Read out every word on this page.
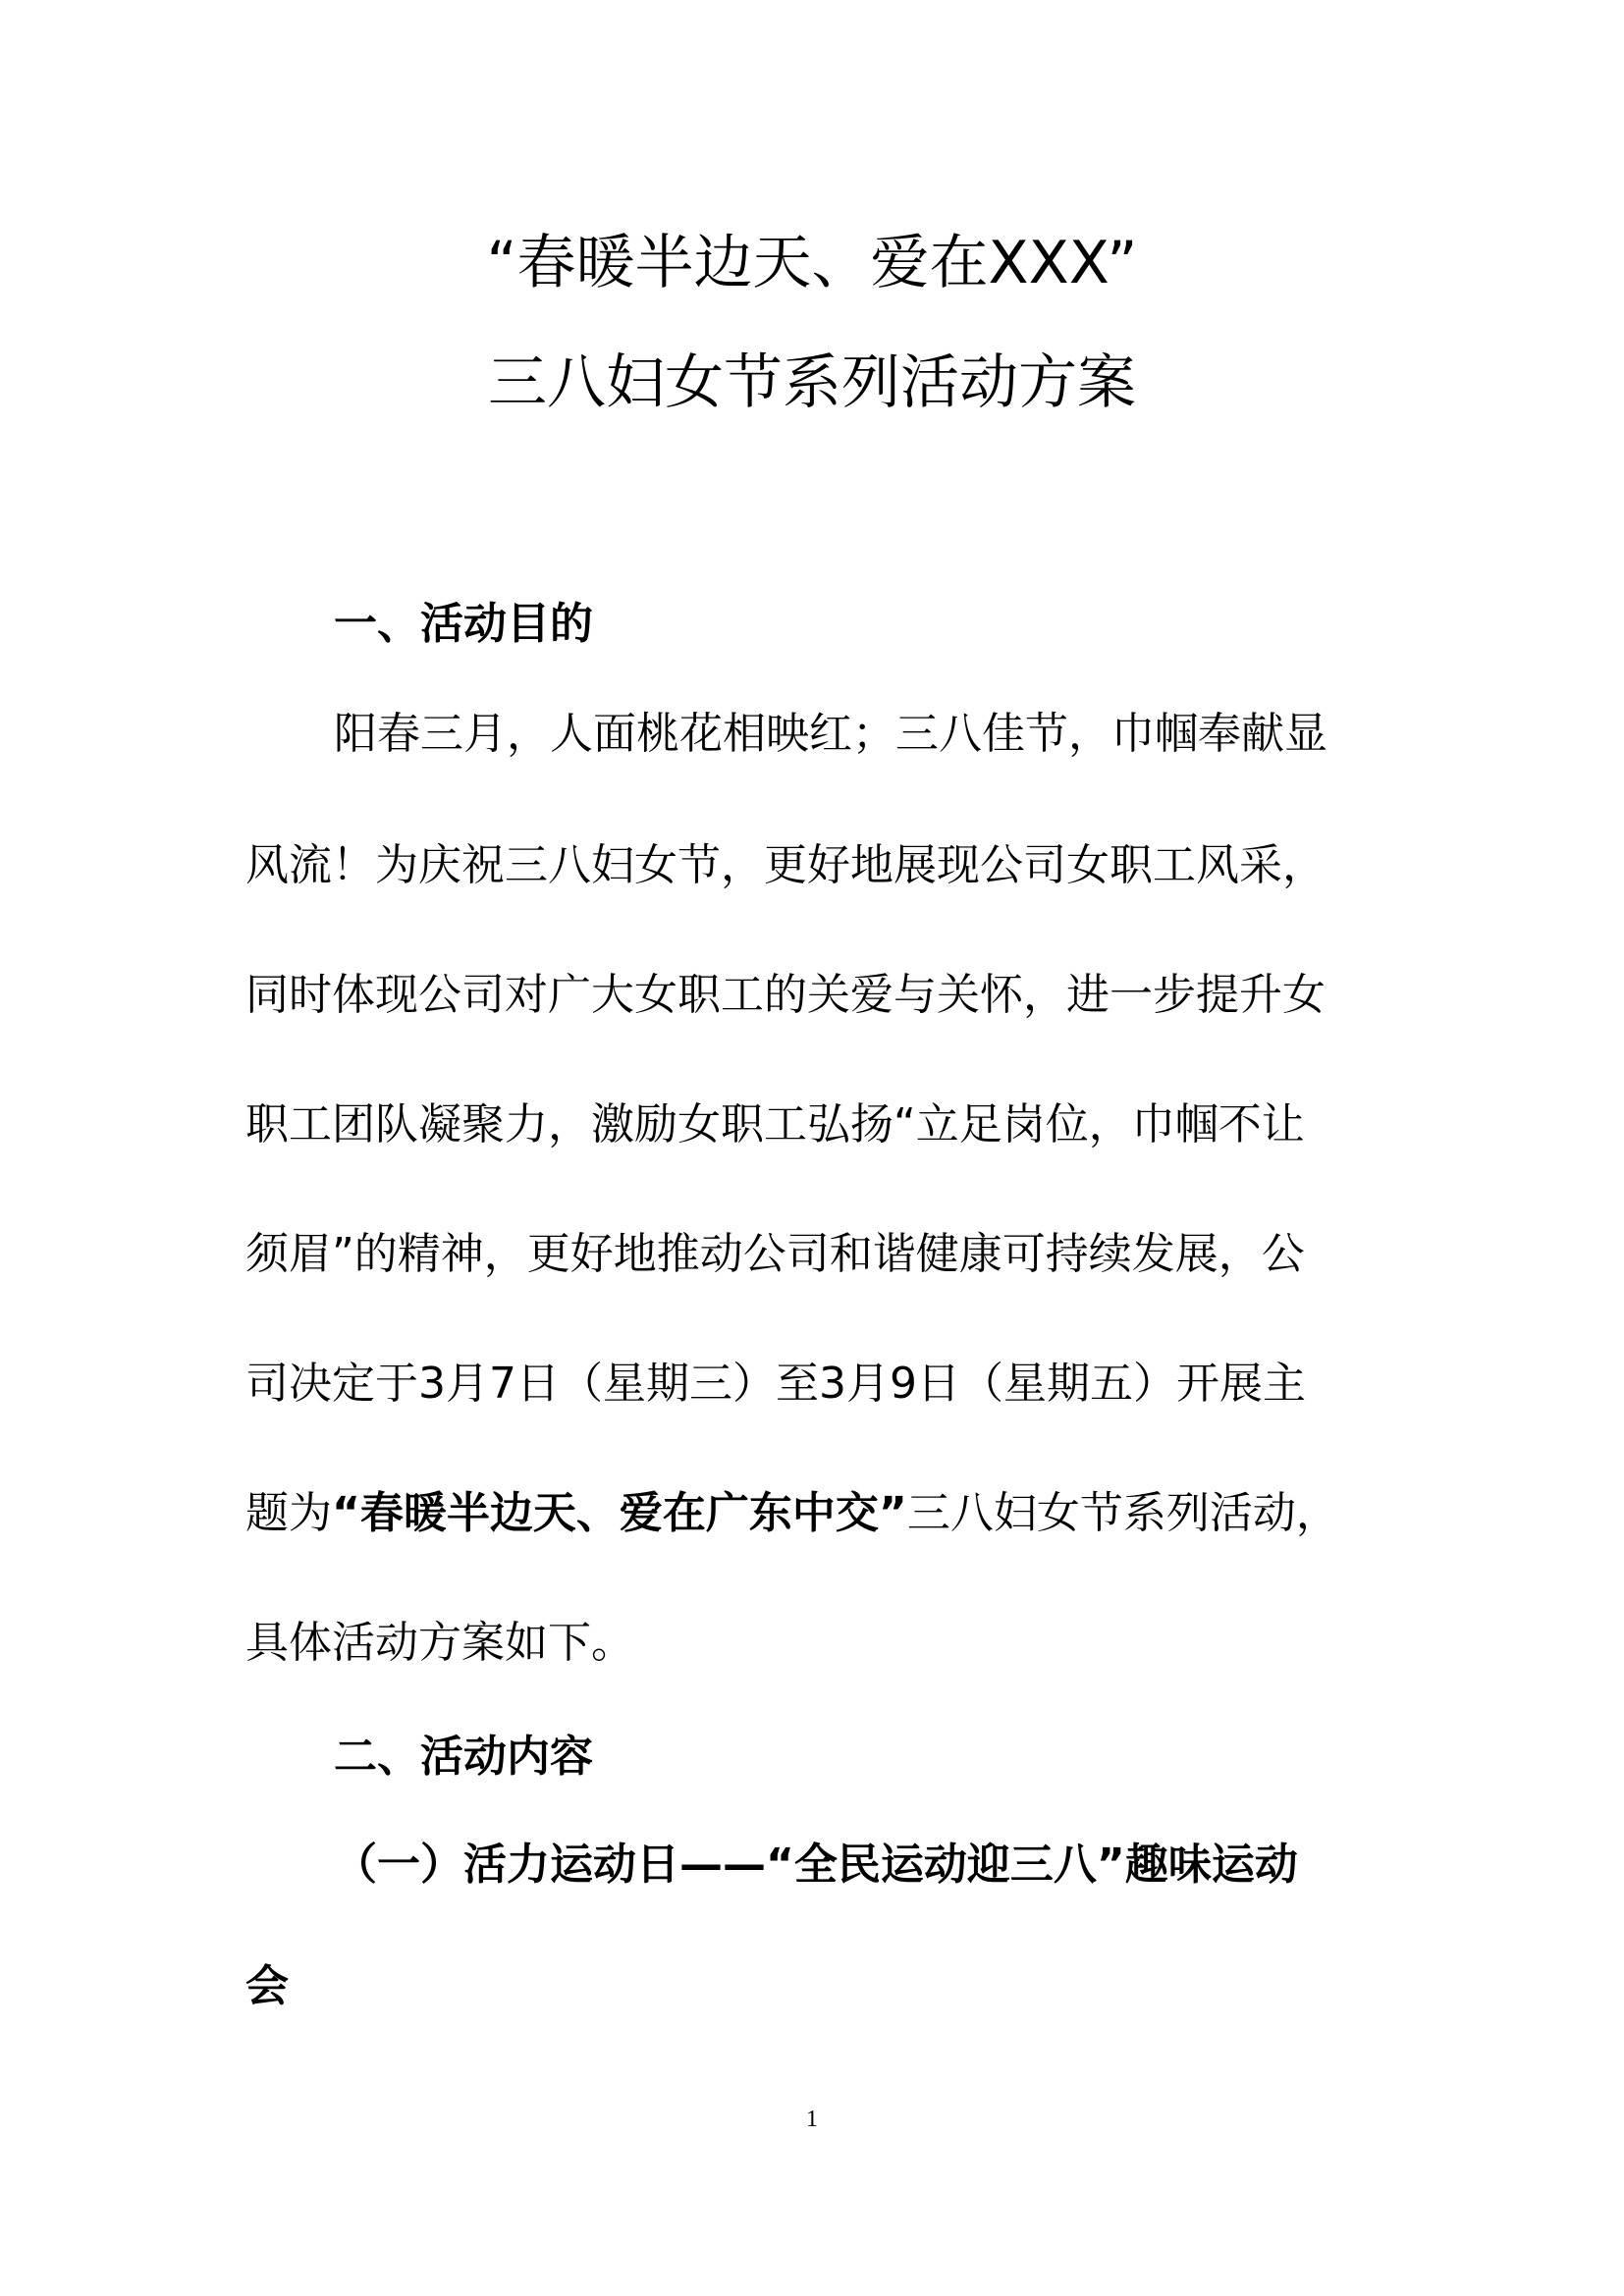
“春暖半边天、爱在XXX”
三八妇女节系列活动方案
一、活动目的
阳春三月，人面桃花相映红；三八佳节，巾帼奉献显
风流！为庆祝三八妇女节，更好地展现公司女职工风采，
同时体现公司对广大女职工的关爱与关怀，进一步提升女
职工团队凝聚力，激励女职工弘扬“立足岗位，巾帼不让
须眉”的精神，更好地推动公司和谐健康可持续发展，公
司决定于3月7日（星期三）至3月9日（星期五）开展主
题为“春暖半边天、爱在广东中交”三八妇女节系列活动，
具体活动方案如下。
二、活动内容
（一）活力运动日——“全民运动迎三八”趣味运动
会
1
